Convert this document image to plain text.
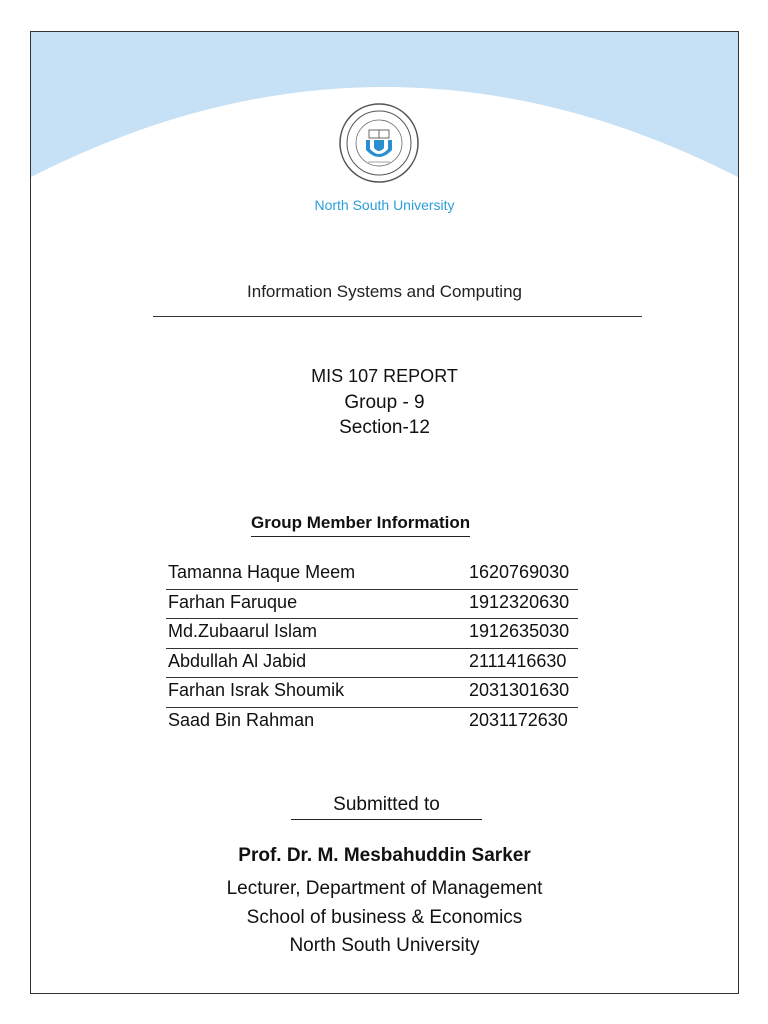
North South University
Information Systems and Computing
MIS 107 REPORT
Group - 9
Section-12
Group Member Information
Tamanna Haque Meem	1620769030
Farhan Faruque	1912320630
Md.Zubaarul Islam	1912635030
Abdullah Al Jabid	2111416630
Farhan Israk Shoumik	2031301630
Saad Bin Rahman	2031172630
Submitted to
Prof. Dr. M. Mesbahuddin Sarker
Lecturer, Department of Management
School of business & Economics
North South University
